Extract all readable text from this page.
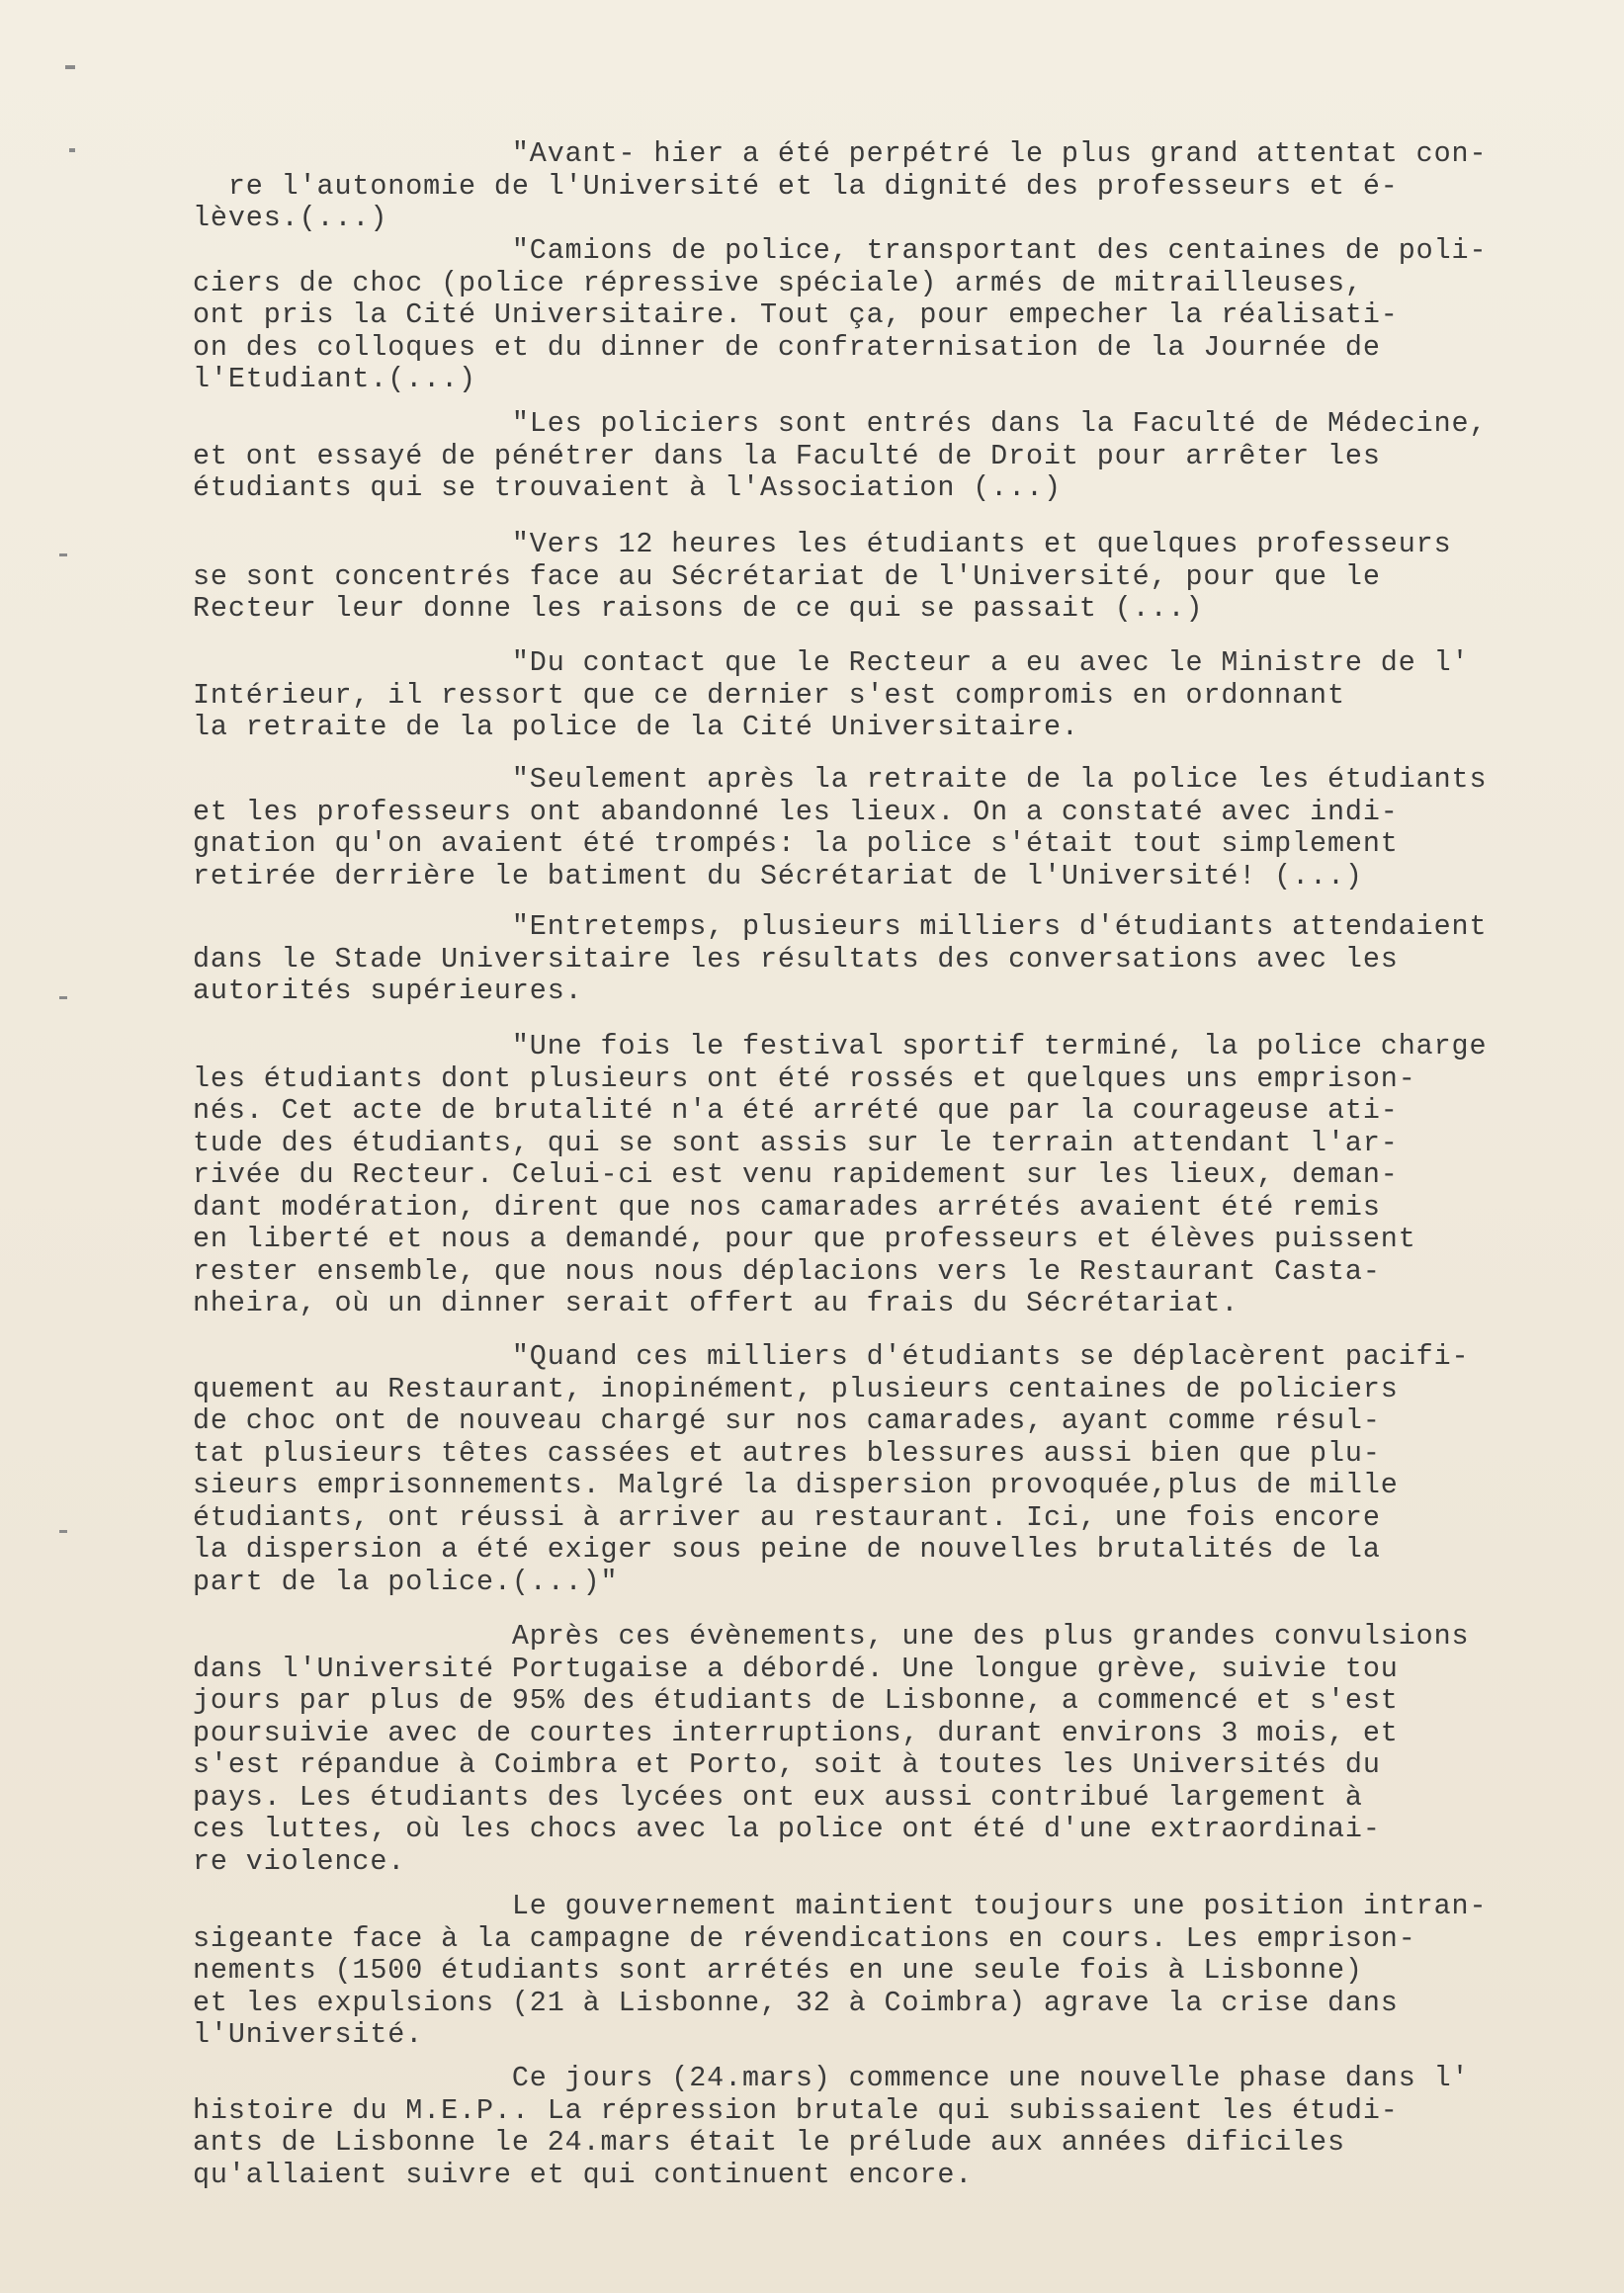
"Avant- hier a été perpétré le plus grand attentat con-
re l'autonomie de l'Université et la dignité des professeurs et é-
lèves.(...)
"Camions de police, transportant des centaines de poli-
ciers de choc (police répressive spéciale) armés de mitrailleuses,
ont pris la Cité Universitaire. Tout ça, pour empecher la réalisati-
on des colloques et du dinner de confraternisation de la Journée de
l'Etudiant.(...)
"Les policiers sont entrés dans la Faculté de Médecine,
et ont essayé de pénétrer dans la Faculté de Droit pour arrêter les
étudiants qui se trouvaient à l'Association (...)
"Vers 12 heures les étudiants et quelques professeurs
se sont concentrés face au Sécrétariat de l'Université, pour que le
Recteur leur donne les raisons de ce qui se passait (...)
"Du contact que le Recteur a eu avec le Ministre de l'
Intérieur, il ressort que ce dernier s'est compromis en ordonnant
la retraite de la police de la Cité Universitaire.
"Seulement après la retraite de la police les étudiants
et les professeurs ont abandonné les lieux. On a constaté avec indi-
gnation qu'on avaient été trompés: la police s'était tout simplement
retirée derrière le batiment du Sécrétariat de l'Université! (...)
"Entretemps, plusieurs milliers d'étudiants attendaient
dans le Stade Universitaire les résultats des conversations avec les
autorités supérieures.
"Une fois le festival sportif terminé, la police charge
les étudiants dont plusieurs ont été rossés et quelques uns emprison-
nés. Cet acte de brutalité n'a été arrété que par la courageuse ati-
tude des étudiants, qui se sont assis sur le terrain attendant l'ar-
rivée du Recteur. Celui-ci est venu rapidement sur les lieux, deman-
dant modération, dirent que nos camarades arrétés avaient été remis
en liberté et nous a demandé, pour que professeurs et élèves puissent
rester ensemble, que nous nous déplacions vers le Restaurant Casta-
nheira, où un dinner serait offert au frais du Sécrétariat.
"Quand ces milliers d'étudiants se déplacèrent pacifi-
quement au Restaurant, inopinément, plusieurs centaines de policiers
de choc ont de nouveau chargé sur nos camarades, ayant comme résul-
tat plusieurs têtes cassées et autres blessures aussi bien que plu-
sieurs emprisonnements. Malgré la dispersion provoquée,plus de mille
étudiants, ont réussi à arriver au restaurant. Ici, une fois encore
la dispersion a été exiger sous peine de nouvelles brutalités de la
part de la police.(...)"
Après ces évènements, une des plus grandes convulsions
dans l'Université Portugaise a débordé. Une longue grève, suivie tou
jours par plus de 95% des étudiants de Lisbonne, a commencé et s'est
poursuivie avec de courtes interruptions, durant environs 3 mois, et
s'est répandue à Coimbra et Porto, soit à toutes les Universités du
pays. Les étudiants des lycées ont eux aussi contribué largement à
ces luttes, où les chocs avec la police ont été d'une extraordinai-
re violence.
Le gouvernement maintient toujours une position intran-
sigeante face à la campagne de révendications en cours. Les emprison-
nements (1500 étudiants sont arrétés en une seule fois à Lisbonne)
et les expulsions (21 à Lisbonne, 32 à Coimbra) agrave la crise dans
l'Université.
Ce jours (24.mars) commence une nouvelle phase dans l'
histoire du M.E.P.. La répression brutale qui subissaient les étudi-
ants de Lisbonne le 24.mars était le prélude aux années dificiles
qu'allaient suivre et qui continuent encore.
